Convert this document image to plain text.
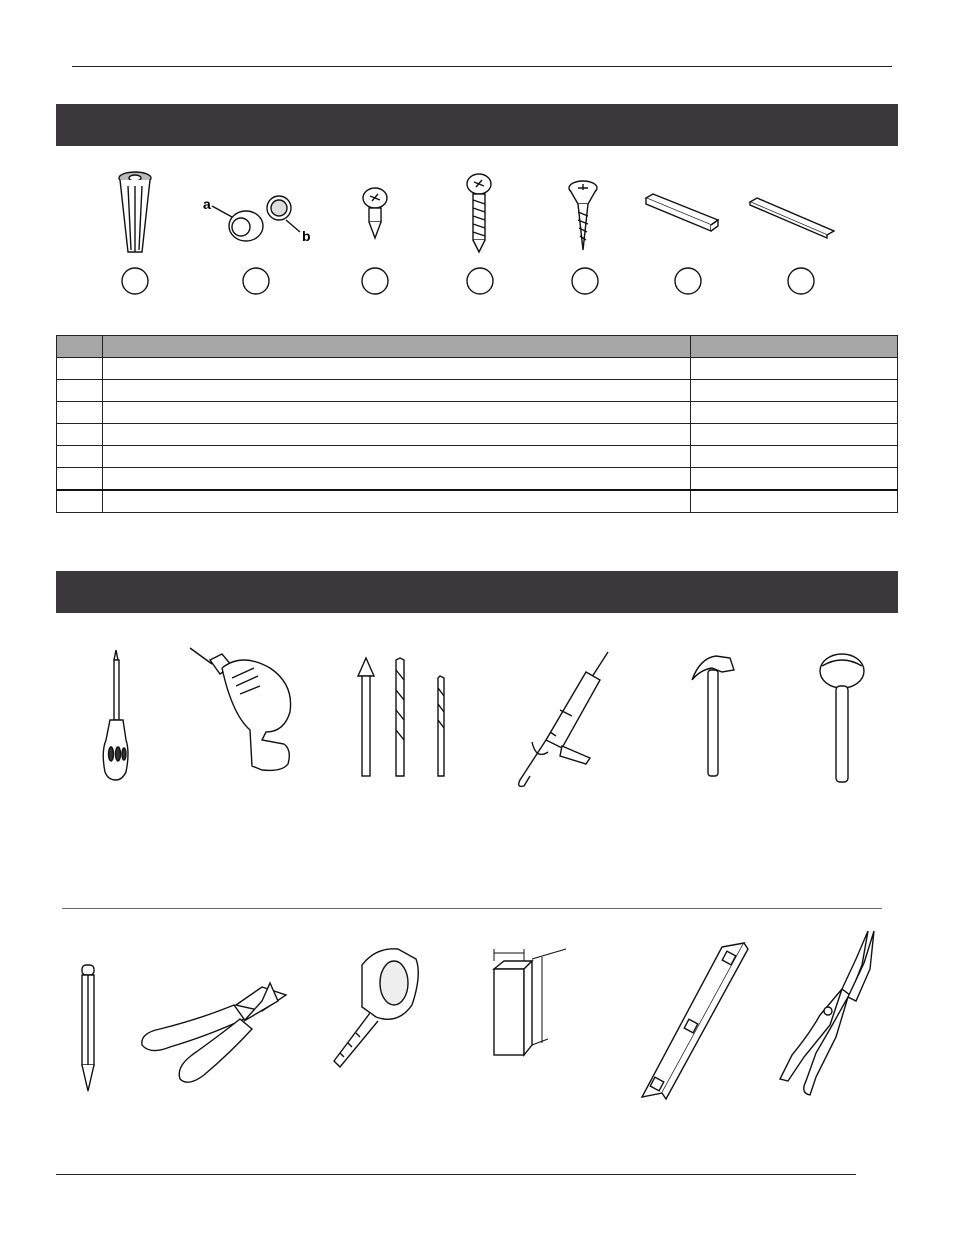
a
b
